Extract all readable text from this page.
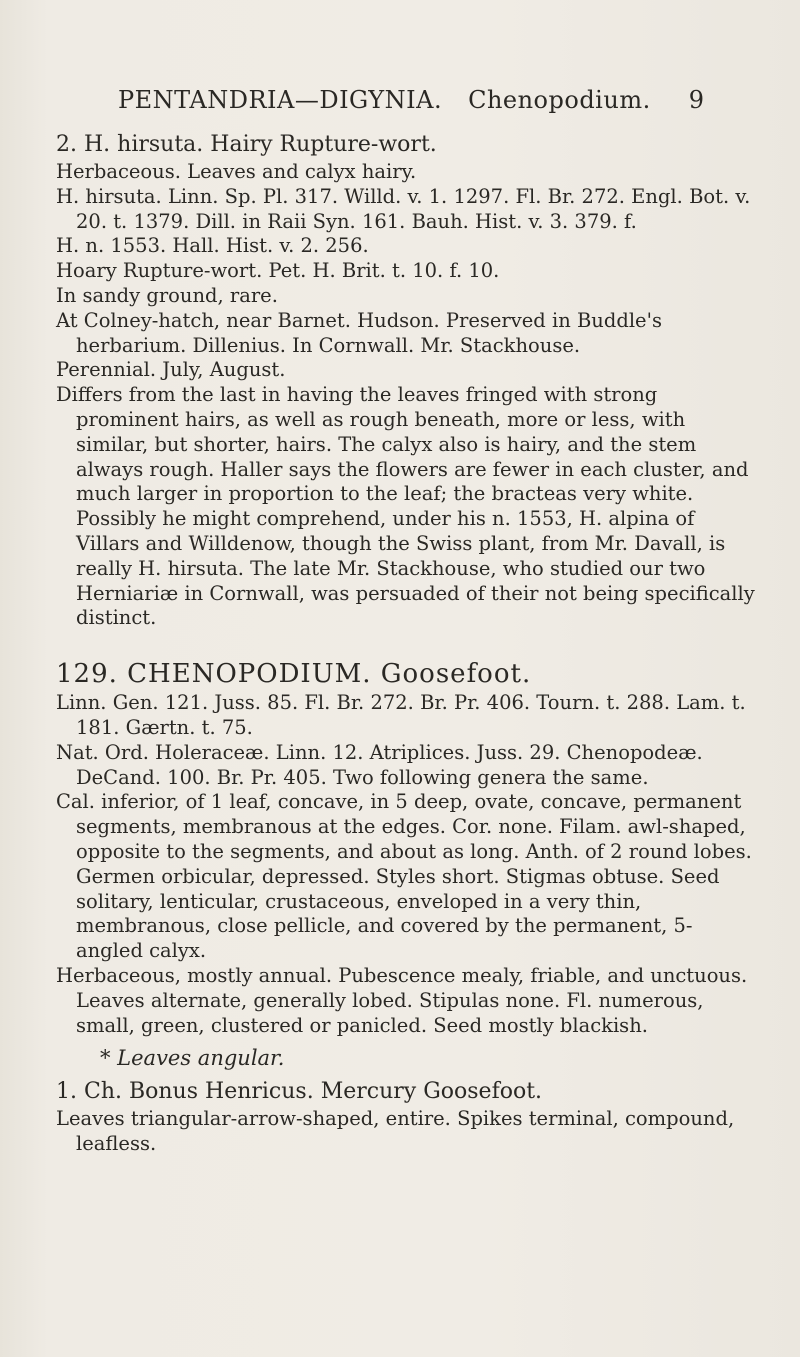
PENTANDRIA—DIGYNIA. Chenopodium. 9

2. H. hirsuta. Hairy Rupture-wort.

Herbaceous. Leaves and calyx hairy.

H. hirsuta. Linn. Sp. Pl. 317. Willd. v. 1. 1297. Fl. Br. 272. Engl. Bot. v. 20. t. 1379. Dill. in Raii Syn. 161. Bauh. Hist. v. 3. 379. f.

H. n. 1553. Hall. Hist. v. 2. 256.

Hoary Rupture-wort. Pet. H. Brit. t. 10. f. 10.

In sandy ground, rare.

At Colney-hatch, near Barnet. Hudson. Preserved in Buddle's herbarium. Dillenius. In Cornwall. Mr. Stackhouse.

Perennial. July, August.

Differs from the last in having the leaves fringed with strong prominent hairs, as well as rough beneath, more or less, with similar, but shorter, hairs. The calyx also is hairy, and the stem always rough. Haller says the flowers are fewer in each cluster, and much larger in proportion to the leaf; the bracteas very white. Possibly he might comprehend, under his n. 1553, H. alpina of Villars and Willdenow, though the Swiss plant, from Mr. Davall, is really H. hirsuta. The late Mr. Stackhouse, who studied our two Herniariæ in Cornwall, was persuaded of their not being specifically distinct.

129. CHENOPODIUM. Goosefoot.

Linn. Gen. 121. Juss. 85. Fl. Br. 272. Br. Pr. 406. Tourn. t. 288. Lam. t. 181. Gærtn. t. 75.

Nat. Ord. Holeraceæ. Linn. 12. Atriplices. Juss. 29. Chenopodeæ. DeCand. 100. Br. Pr. 405. Two following genera the same.

Cal. inferior, of 1 leaf, concave, in 5 deep, ovate, concave, permanent segments, membranous at the edges. Cor. none. Filam. awl-shaped, opposite to the segments, and about as long. Anth. of 2 round lobes. Germen orbicular, depressed. Styles short. Stigmas obtuse. Seed solitary, lenticular, crustaceous, enveloped in a very thin, membranous, close pellicle, and covered by the permanent, 5-angled calyx.

Herbaceous, mostly annual. Pubescence mealy, friable, and unctuous. Leaves alternate, generally lobed. Stipulas none. Fl. numerous, small, green, clustered or panicled. Seed mostly blackish.

* Leaves angular.

1. Ch. Bonus Henricus. Mercury Goosefoot.

Leaves triangular-arrow-shaped, entire. Spikes terminal, compound, leafless.
